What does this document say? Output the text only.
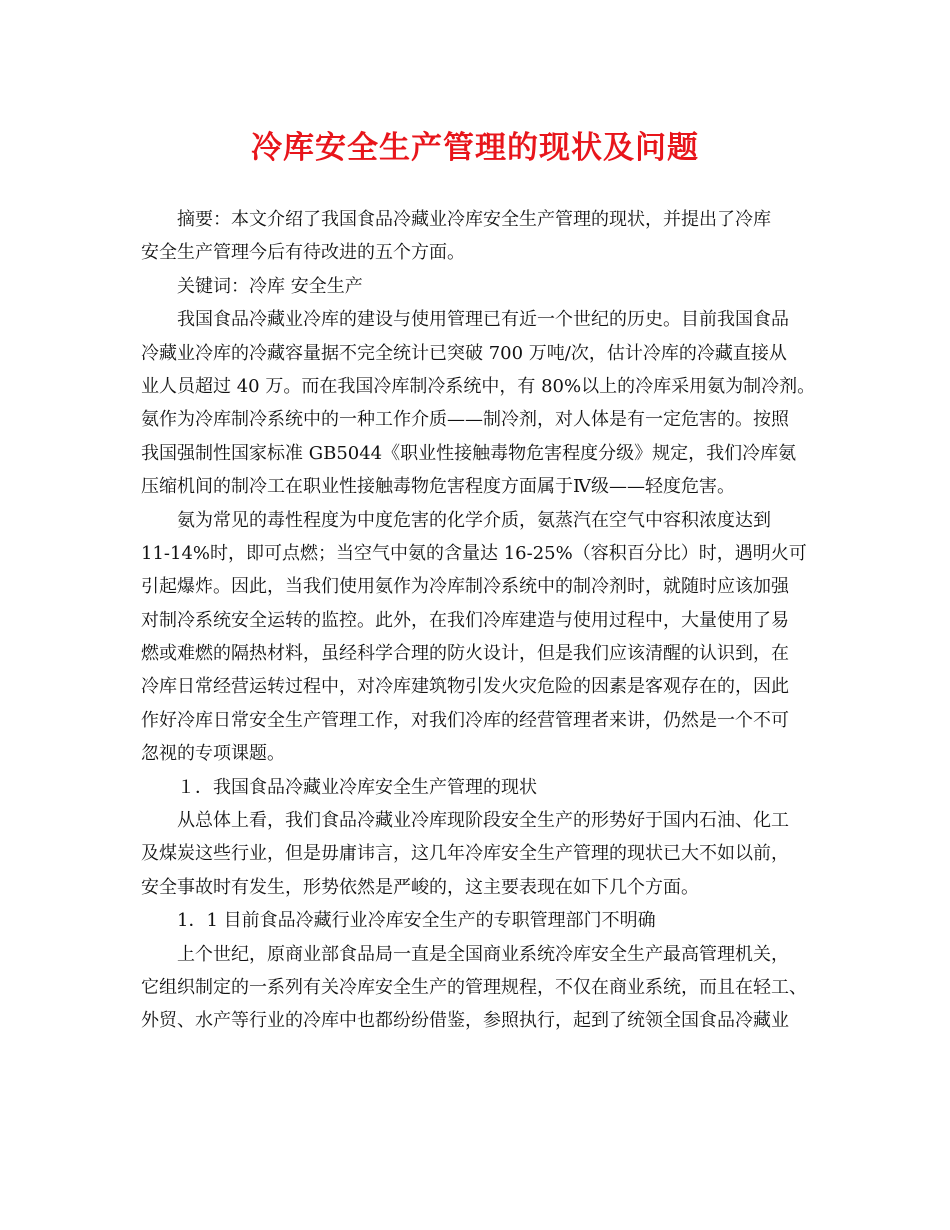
冷库安全生产管理的现状及问题
摘要：本文介绍了我国食品冷藏业冷库安全生产管理的现状，并提出了冷库
安全生产管理今后有待改进的五个方面。
关键词：冷库 安全生产
我国食品冷藏业冷库的建设与使用管理已有近一个世纪的历史。目前我国食品
冷藏业冷库的冷藏容量据不完全统计已突破 700 万吨/次，估计冷库的冷藏直接从
业人员超过 40 万。而在我国冷库制冷系统中，有 80%以上的冷库采用氨为制冷剂。
氨作为冷库制冷系统中的一种工作介质——制冷剂，对人体是有一定危害的。按照
我国强制性国家标准 GB5044《职业性接触毒物危害程度分级》规定，我们冷库氨
压缩机间的制冷工在职业性接触毒物危害程度方面属于Ⅳ级——轻度危害。
氨为常见的毒性程度为中度危害的化学介质，氨蒸汽在空气中容积浓度达到
11-14%时，即可点燃；当空气中氨的含量达 16-25%（容积百分比）时，遇明火可
引起爆炸。因此，当我们使用氨作为冷库制冷系统中的制冷剂时，就随时应该加强
对制冷系统安全运转的监控。此外，在我们冷库建造与使用过程中，大量使用了易
燃或难燃的隔热材料，虽经科学合理的防火设计，但是我们应该清醒的认识到，在
冷库日常经营运转过程中，对冷库建筑物引发火灾危险的因素是客观存在的，因此
作好冷库日常安全生产管理工作，对我们冷库的经营管理者来讲，仍然是一个不可
忽视的专项课题。
１．我国食品冷藏业冷库安全生产管理的现状
从总体上看，我们食品冷藏业冷库现阶段安全生产的形势好于国内石油、化工
及煤炭这些行业，但是毋庸讳言，这几年冷库安全生产管理的现状已大不如以前，
安全事故时有发生，形势依然是严峻的，这主要表现在如下几个方面。
1．1 目前食品冷藏行业冷库安全生产的专职管理部门不明确
上个世纪，原商业部食品局一直是全国商业系统冷库安全生产最高管理机关，
它组织制定的一系列有关冷库安全生产的管理规程，不仅在商业系统，而且在轻工、
外贸、水产等行业的冷库中也都纷纷借鉴，参照执行，起到了统领全国食品冷藏业
